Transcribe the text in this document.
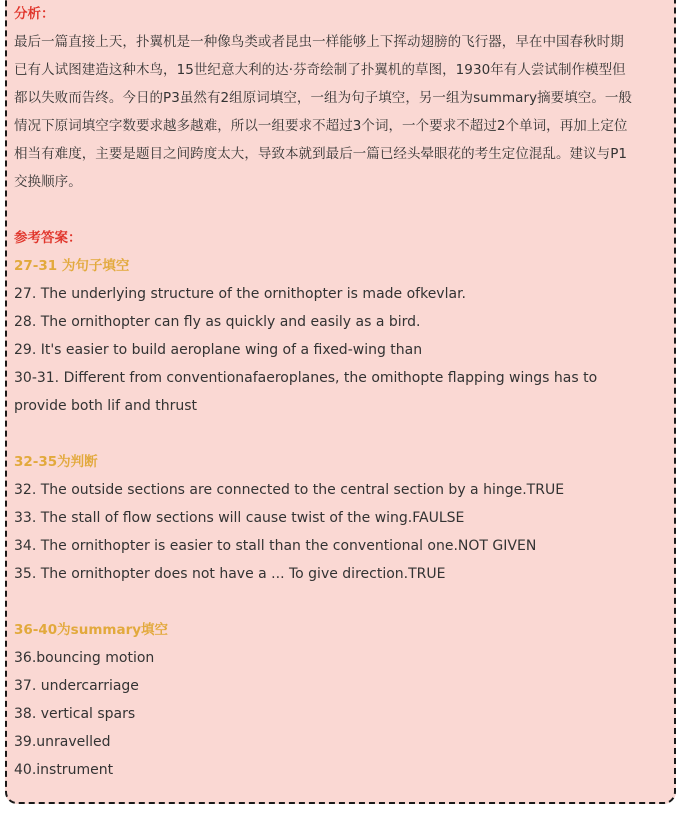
分析：
最后一篇直接上天，扑翼机是一种像鸟类或者昆虫一样能够上下挥动翅膀的飞行器，早在中国春秋时期
已有人试图建造这种木鸟，15世纪意大利的达·芬奇绘制了扑翼机的草图，1930年有人尝试制作模型但
都以失败而告终。今日的P3虽然有2组原词填空，一组为句子填空，另一组为summary摘要填空。一般
情况下原词填空字数要求越多越难，所以一组要求不超过3个词，一个要求不超过2个单词，再加上定位
相当有难度，主要是题目之间跨度太大，导致本就到最后一篇已经头晕眼花的考生定位混乱。建议与P1
交换顺序。
参考答案：
27-31 为句子填空
27. The underlying structure of the ornithopter is made ofkevlar.
28. The ornithopter can fly as quickly and easily as a bird.
29. It's easier to build aeroplane wing of a fixed-wing than
30-31. Different from conventionafaeroplanes, the omithopte flapping wings has to
provide both lif and thrust
32-35为判断
32. The outside sections are connected to the central section by a hinge.TRUE
33. The stall of flow sections will cause twist of the wing.FAULSE
34. The ornithopter is easier to stall than the conventional one.NOT GIVEN
35. The ornithopter does not have a ... To give direction.TRUE
36-40为summary填空
36.bouncing motion
37. undercarriage
38. vertical spars
39.unravelled
40.instrument
